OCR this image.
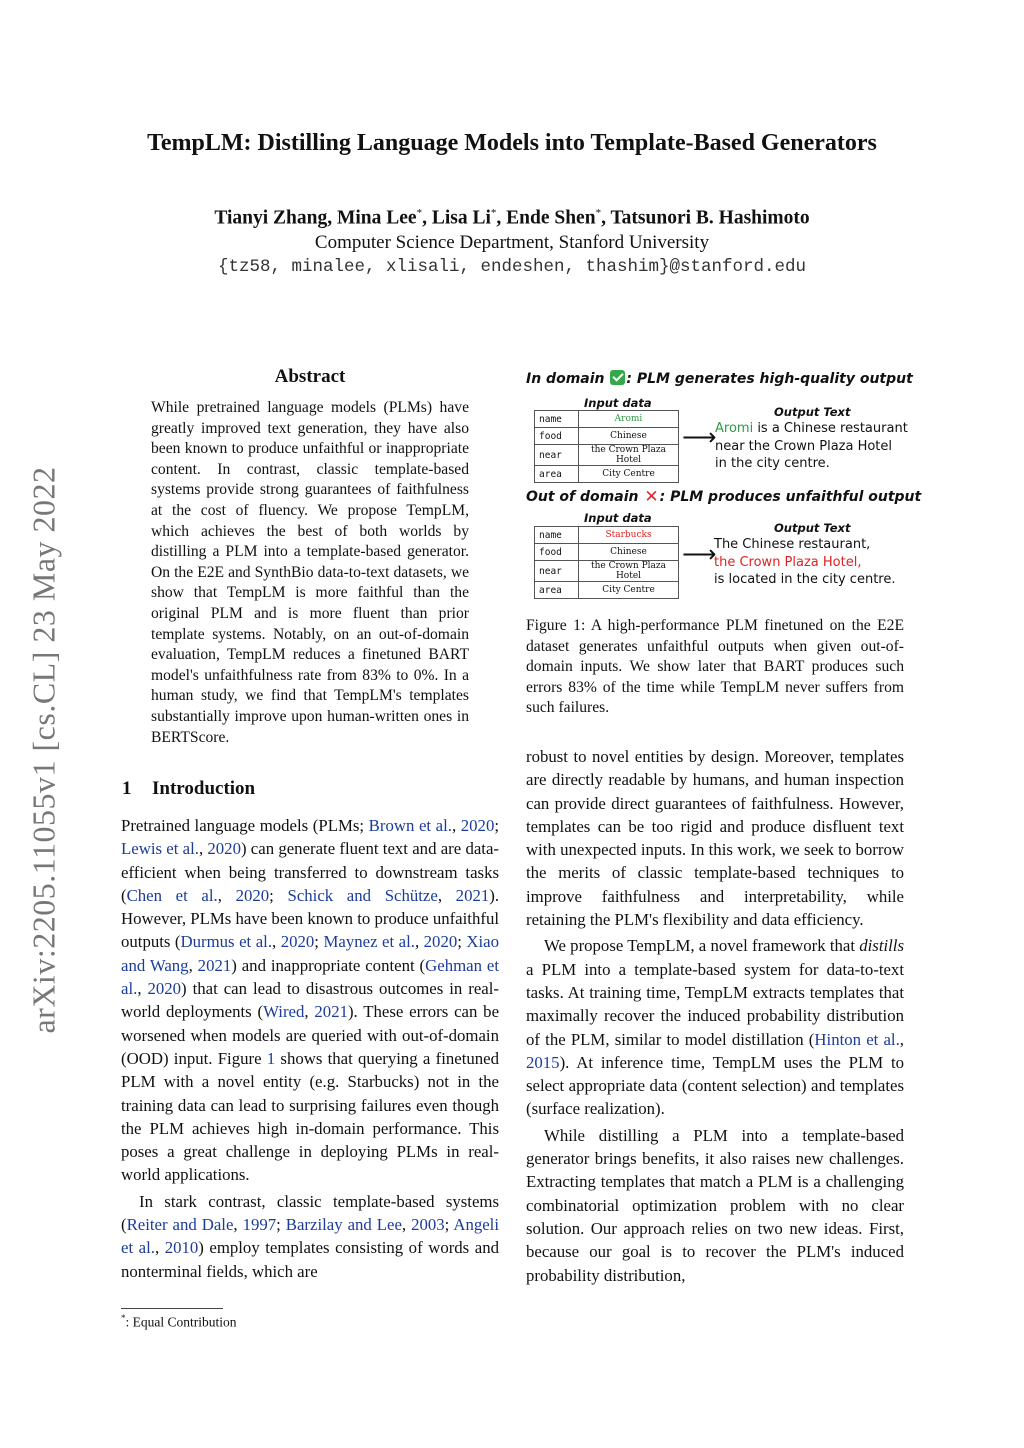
arXiv:2205.11055v1 [cs.CL] 23 May 2022
TempLM: Distilling Language Models into Template-Based Generators
Tianyi Zhang, Mina Lee*, Lisa Li*, Ende Shen*, Tatsunori B. Hashimoto
Computer Science Department, Stanford University
{tz58, minalee, xlisali, endeshen, thashim}@stanford.edu
Abstract

While pretrained language models (PLMs) have greatly improved text generation, they have also been known to produce unfaithful or inappropriate content. In contrast, classic template-based systems provide strong guarantees of faithfulness at the cost of fluency. We propose TempLM, which achieves the best of both worlds by distilling a PLM into a template-based generator. On the E2E and SynthBio data-to-text datasets, we show that TempLM is more faithful than the original PLM and is more fluent than prior template systems. Notably, on an out-of-domain evaluation, TempLM reduces a finetuned BART model's unfaithfulness rate from 83% to 0%. In a human study, we find that TempLM's templates substantially improve upon human-written ones in BERTScore.

1 Introduction

Pretrained language models (PLMs; Brown et al., 2020; Lewis et al., 2020) can generate fluent text and are data-efficient when being transferred to downstream tasks (Chen et al., 2020; Schick and Schütze, 2021). However, PLMs have been known to produce unfaithful outputs (Durmus et al., 2020; Maynez et al., 2020; Xiao and Wang, 2021) and inappropriate content (Gehman et al., 2020) that can lead to disastrous outcomes in real-world deployments (Wired, 2021). These errors can be worsened when models are queried with out-of-domain (OOD) input. Figure 1 shows that querying a finetuned PLM with a novel entity (e.g. Starbucks) not in the training data can lead to surprising failures even though the PLM achieves high in-domain performance. This poses a great challenge in deploying PLMs in real-world applications.

In stark contrast, classic template-based systems (Reiter and Dale, 1997; Barzilay and Lee, 2003; Angeli et al., 2010) employ templates consisting of words and nonterminal fields, which are

*: Equal Contribution
In domain : PLM generates high-quality output
Input data
name	Aromi
food	Chinese
near	the Crown Plaza Hotel
area	City Centre
⟶
Output Text
Aromi is a Chinese restaurant
near the Crown Plaza Hotel
in the city centre.
Out of domain ✕: PLM produces unfaithful output
Input data
name	Starbucks
food	Chinese
near	the Crown Plaza Hotel
area	City Centre
⟶
Output Text
The Chinese restaurant,
the Crown Plaza Hotel,
is located in the city centre.

Figure 1: A high-performance PLM finetuned on the E2E dataset generates unfaithful outputs when given out-of-domain inputs. We show later that BART produces such errors 83% of the time while TempLM never suffers from such failures.

robust to novel entities by design. Moreover, templates are directly readable by humans, and human inspection can provide direct guarantees of faithfulness. However, templates can be too rigid and produce disfluent text with unexpected inputs. In this work, we seek to borrow the merits of classic template-based techniques to improve faithfulness and interpretability, while retaining the PLM's flexibility and data efficiency.

We propose TempLM, a novel framework that distills a PLM into a template-based system for data-to-text tasks. At training time, TempLM extracts templates that maximally recover the induced probability distribution of the PLM, similar to model distillation (Hinton et al., 2015). At inference time, TempLM uses the PLM to select appropriate data (content selection) and templates (surface realization).

While distilling a PLM into a template-based generator brings benefits, it also raises new challenges. Extracting templates that match a PLM is a challenging combinatorial optimization problem with no clear solution. Our approach relies on two new ideas. First, because our goal is to recover the PLM's induced probability distribution,
